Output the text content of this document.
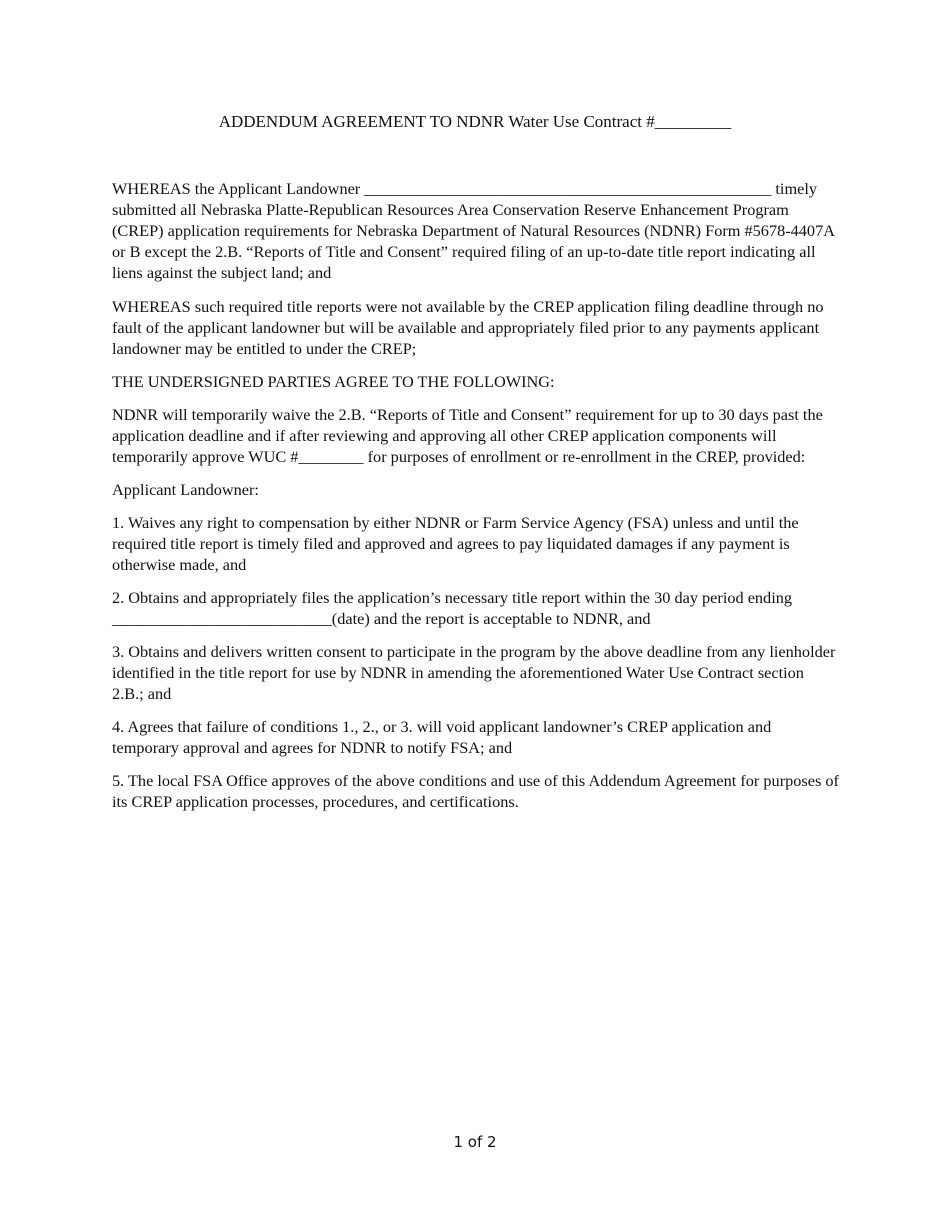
ADDENDUM AGREEMENT TO NDNR Water Use Contract #_________

WHEREAS the Applicant Landowner __________________________________________________ timely submitted all Nebraska Platte-Republican Resources Area Conservation Reserve Enhancement Program (CREP) application requirements for Nebraska Department of Natural Resources (NDNR) Form #5678-4407A or B except the 2.B. “Reports of Title and Consent” required filing of an up-to-date title report indicating all liens against the subject land; and

WHEREAS such required title reports were not available by the CREP application filing deadline through no fault of the applicant landowner but will be available and appropriately filed prior to any payments applicant landowner may be entitled to under the CREP;

THE UNDERSIGNED PARTIES AGREE TO THE FOLLOWING:

NDNR will temporarily waive the 2.B. “Reports of Title and Consent” requirement for up to 30 days past the application deadline and if after reviewing and approving all other CREP application components will temporarily approve WUC #________ for purposes of enrollment or re-enrollment in the CREP, provided:

Applicant Landowner:

1. Waives any right to compensation by either NDNR or Farm Service Agency (FSA) unless and until the required title report is timely filed and approved and agrees to pay liquidated damages if any payment is otherwise made, and

2. Obtains and appropriately files the application’s necessary title report within the 30 day period ending ___________________________(date) and the report is acceptable to NDNR, and

3. Obtains and delivers written consent to participate in the program by the above deadline from any lienholder identified in the title report for use by NDNR in amending the aforementioned Water Use Contract section 2.B.; and

4. Agrees that failure of conditions 1., 2., or 3. will void applicant landowner’s CREP application and temporary approval and agrees for NDNR to notify FSA; and

5. The local FSA Office approves of the above conditions and use of this Addendum Agreement for purposes of its CREP application processes, procedures, and certifications.

1 of 2
